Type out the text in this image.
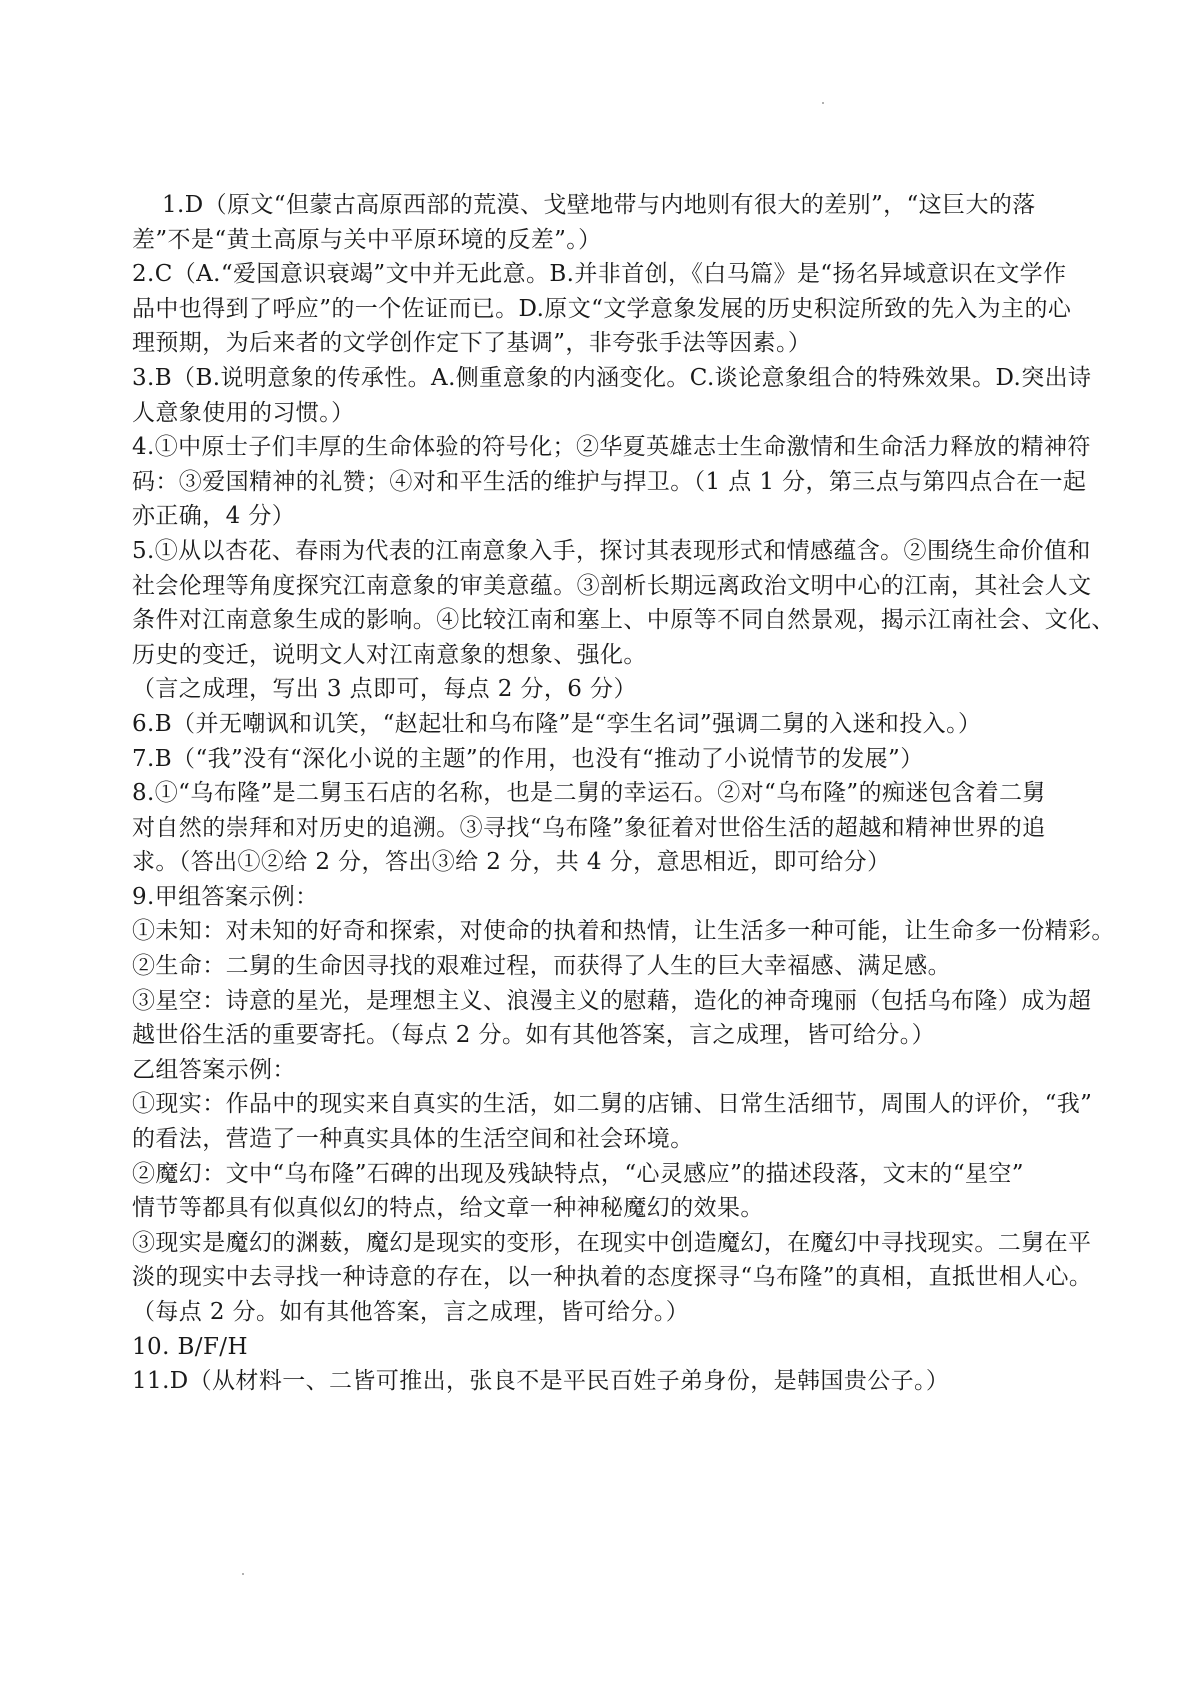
1.D（原文“但蒙古高原西部的荒漠、戈壁地带与内地则有很大的差别”，“这巨大的落
差”不是“黄土高原与关中平原环境的反差”。）
2.C（A.“爱国意识衰竭”文中并无此意。B.并非首创，《白马篇》是“扬名异域意识在文学作
品中也得到了呼应”的一个佐证而已。D.原文“文学意象发展的历史积淀所致的先入为主的心
理预期，为后来者的文学创作定下了基调”，非夸张手法等因素。）
3.B（B.说明意象的传承性。A.侧重意象的内涵变化。C.谈论意象组合的特殊效果。D.突出诗
人意象使用的习惯。）
4.①中原士子们丰厚的生命体验的符号化；②华夏英雄志士生命激情和生命活力释放的精神符
码：③爱国精神的礼赞；④对和平生活的维护与捍卫。（1 点 1 分，第三点与第四点合在一起
亦正确，4 分）
5.①从以杏花、春雨为代表的江南意象入手，探讨其表现形式和情感蕴含。②围绕生命价值和
社会伦理等角度探究江南意象的审美意蕴。③剖析长期远离政治文明中心的江南，其社会人文
条件对江南意象生成的影响。④比较江南和塞上、中原等不同自然景观，揭示江南社会、文化、
历史的变迁，说明文人对江南意象的想象、强化。
（言之成理，写出 3 点即可，每点 2 分，6 分）
6.B（并无嘲讽和讥笑，“赵起壮和乌布隆”是“孪生名词”强调二舅的入迷和投入。）
7.B（“我”没有“深化小说的主题”的作用，也没有“推动了小说情节的发展”）
8.①“乌布隆”是二舅玉石店的名称，也是二舅的幸运石。②对“乌布隆”的痴迷包含着二舅
对自然的崇拜和对历史的追溯。③寻找“乌布隆”象征着对世俗生活的超越和精神世界的追
求。（答出①②给 2 分，答出③给 2 分，共 4 分，意思相近，即可给分）
9.甲组答案示例：
①未知：对未知的好奇和探索，对使命的执着和热情，让生活多一种可能，让生命多一份精彩。
②生命：二舅的生命因寻找的艰难过程，而获得了人生的巨大幸福感、满足感。
③星空：诗意的星光，是理想主义、浪漫主义的慰藉，造化的神奇瑰丽（包括乌布隆）成为超
越世俗生活的重要寄托。（每点 2 分。如有其他答案，言之成理，皆可给分。）
乙组答案示例：
①现实：作品中的现实来自真实的生活，如二舅的店铺、日常生活细节，周围人的评价，“我”
的看法，营造了一种真实具体的生活空间和社会环境。
②魔幻：文中“乌布隆”石碑的出现及残缺特点，“心灵感应”的描述段落，文末的“星空”
情节等都具有似真似幻的特点，给文章一种神秘魔幻的效果。
③现实是魔幻的渊薮，魔幻是现实的变形，在现实中创造魔幻，在魔幻中寻找现实。二舅在平
淡的现实中去寻找一种诗意的存在，以一种执着的态度探寻“乌布隆”的真相，直抵世相人心。
（每点 2 分。如有其他答案，言之成理，皆可给分。）
10. B/F/H
11.D（从材料一、二皆可推出，张良不是平民百姓子弟身份，是韩国贵公子。）
